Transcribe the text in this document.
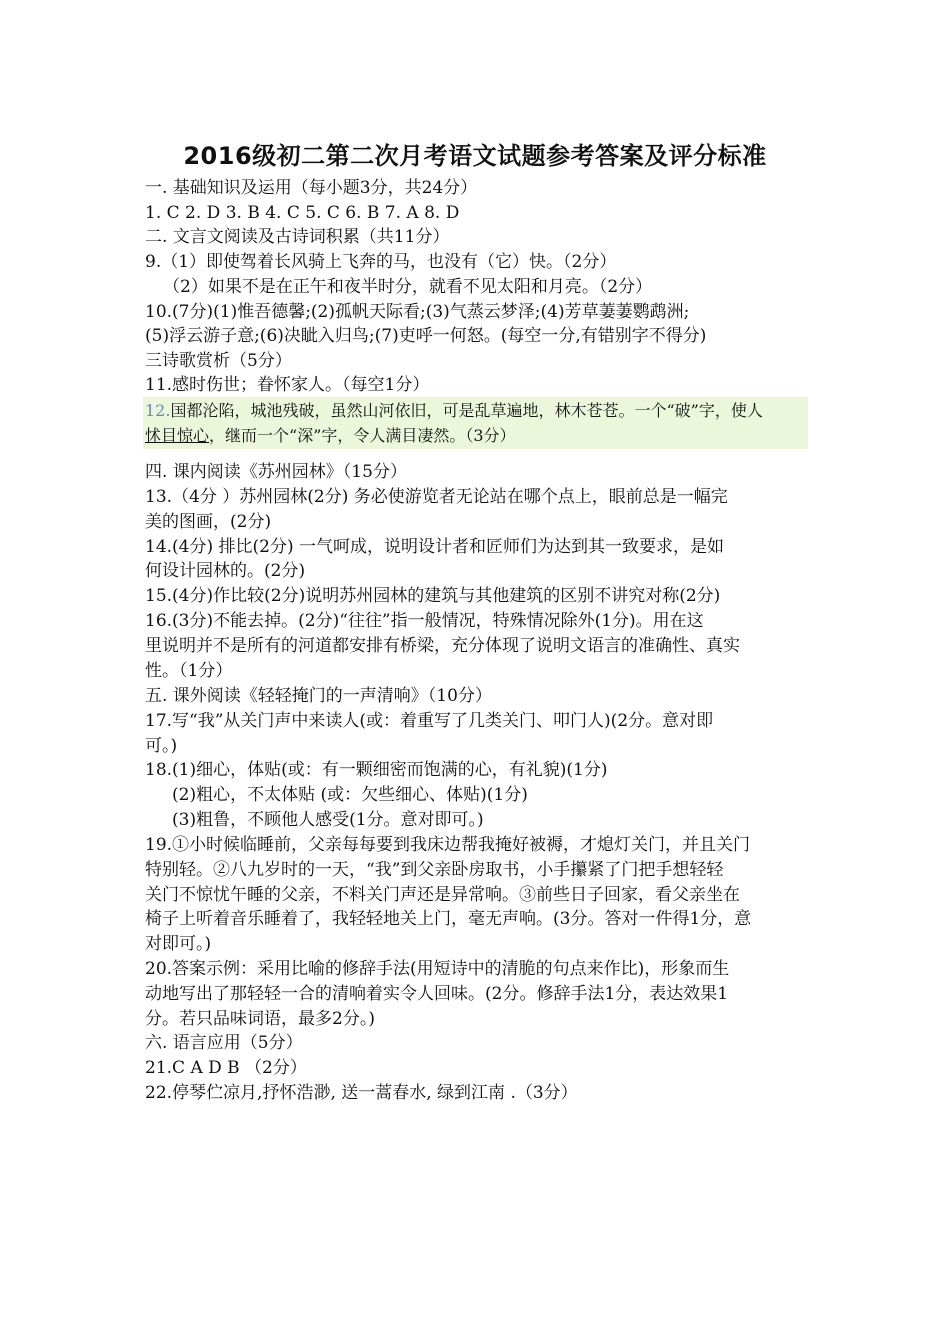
2016级初二第二次月考语文试题参考答案及评分标准
一. 基础知识及运用（每小题3分，共24分）
1. C 2. D 3. B 4. C 5. C 6. B 7. A 8. D
二. 文言文阅读及古诗词积累（共11分）
9.（1）即使驾着长风骑上飞奔的马，也没有（它）快。（2分）
（2）如果不是在正午和夜半时分，就看不见太阳和月亮。（2分）
10.(7分)(1)惟吾德馨;(2)孤帆天际看;(3)气蒸云梦泽;(4)芳草萋萋鹦鹉洲;
(5)浮云游子意;(6)决眦入归鸟;(7)吏呼一何怒。(每空一分,有错别字不得分)
三诗歌赏析（5分）
11.感时伤世；眷怀家人。（每空1分）
12.国都沦陷，城池残破，虽然山河依旧，可是乱草遍地，林木苍苍。一个“破”字，使人
怵目惊心，继而一个“深”字，令人满目凄然。（3分）
四. 课内阅读《苏州园林》（15分）
13.（4分 ）苏州园林(2分) 务必使游览者无论站在哪个点上，眼前总是一幅完
美的图画，(2分)
14.(4分) 排比(2分) 一气呵成，说明设计者和匠师们为达到其一致要求，是如
何设计园林的。(2分)
15.(4分)作比较(2分)说明苏州园林的建筑与其他建筑的区别不讲究对称(2分)
16.(3分)不能去掉。(2分)“往往”指一般情况，特殊情况除外(1分)。用在这
里说明并不是所有的河道都安排有桥梁，充分体现了说明文语言的准确性、真实
性。（1分）
五. 课外阅读《轻轻掩门的一声清响》（10分）
17.写“我”从关门声中来读人(或：着重写了几类关门、叩门人)(2分。意对即
可。)
18.(1)细心，体贴(或：有一颗细密而饱满的心，有礼貌)(1分)
(2)粗心，不太体贴 (或：欠些细心、体贴)(1分)
(3)粗鲁，不顾他人感受(1分。意对即可。)
19.①小时候临睡前，父亲每每要到我床边帮我掩好被褥，才熄灯关门，并且关门
特别轻。②八九岁时的一天，“我”到父亲卧房取书，小手攥紧了门把手想轻轻
关门不惊忧午睡的父亲，不料关门声还是异常响。③前些日子回家，看父亲坐在
椅子上听着音乐睡着了，我轻轻地关上门，毫无声响。(3分。答对一件得1分，意
对即可。)
20.答案示例：采用比喻的修辞手法(用短诗中的清脆的句点来作比)，形象而生
动地写出了那轻轻一合的清响着实令人回味。(2分。修辞手法1分，表达效果1
分。若只品味词语，最多2分。)
六. 语言应用（5分）
21.C A D B （2分）
22.停琴伫凉月,抒怀浩渺, 送一蒿春水, 绿到江南 .（3分）
